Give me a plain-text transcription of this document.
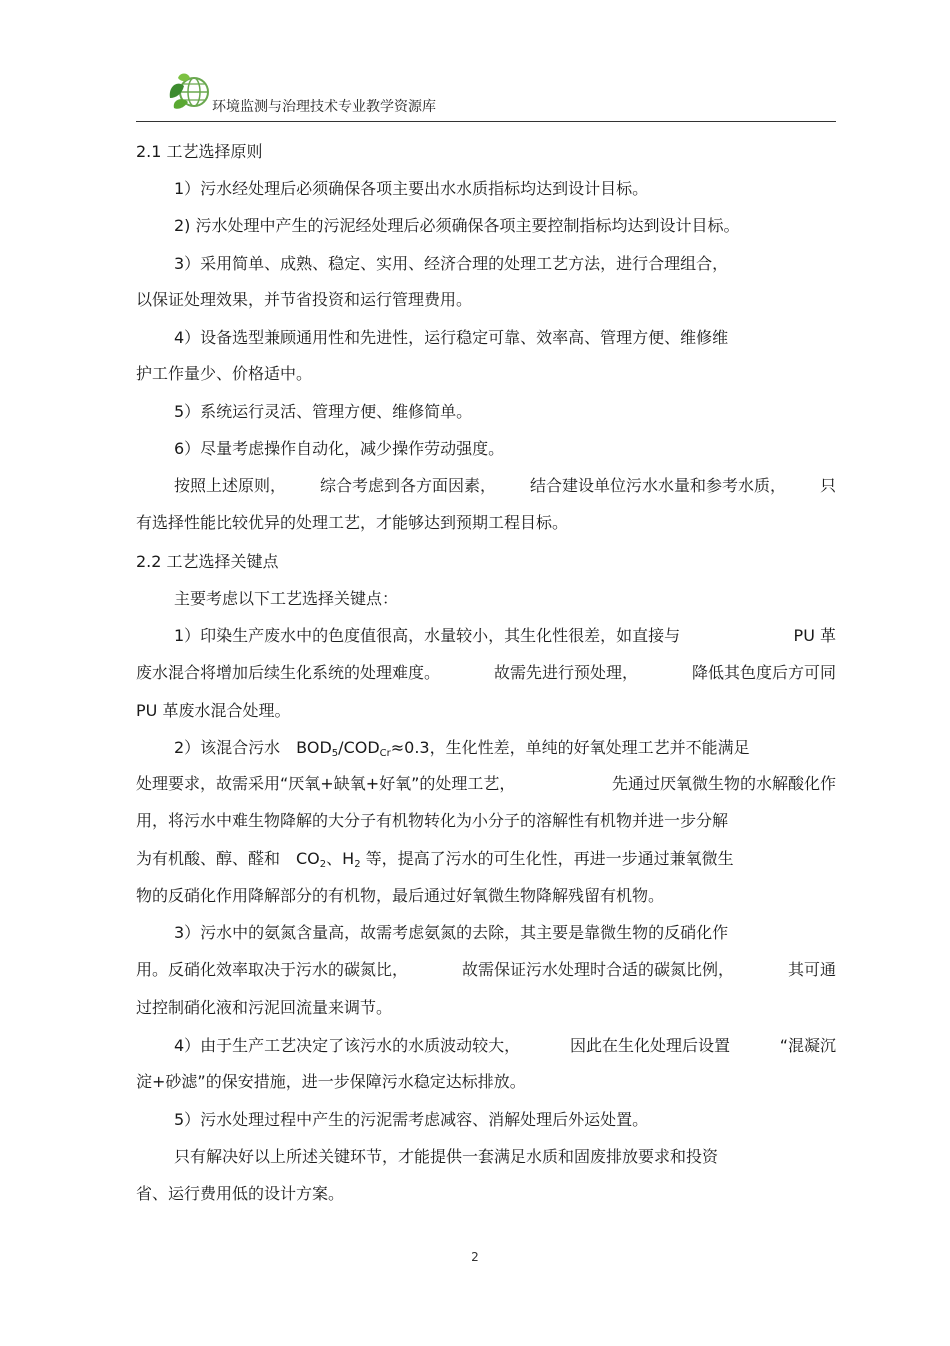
环境监测与治理技术专业教学资源库
2.1 工艺选择原则
1）污水经处理后必须确保各项主要出水水质指标均达到设计目标。
2) 污水处理中产生的污泥经处理后必须确保各项主要控制指标均达到设计目标。
3）采用简单、成熟、稳定、实用、经济合理的处理工艺方法，进行合理组合，
以保证处理效果，并节省投资和运行管理费用。
4）设备选型兼顾通用性和先进性，运行稳定可靠、效率高、管理方便、维修维
护工作量少、价格适中。
5）系统运行灵活、管理方便、维修简单。
6）尽量考虑操作自动化，减少操作劳动强度。
按照上述原则， 综合考虑到各方面因素， 结合建设单位污水水量和参考水质， 只
有选择性能比较优异的处理工艺，才能够达到预期工程目标。
2.2 工艺选择关键点
主要考虑以下工艺选择关键点：
1）印染生产废水中的色度值很高，水量较小，其生化性很差，如直接与	PU 革
废水混合将增加后续生化系统的处理难度。	故需先进行预处理，	降低其色度后方可同
PU 革废水混合处理。
2）该混合污水　$BOD_5/COD_{Cr}\approx 0.3$，生化性差，单纯的好氧处理工艺并不能满足
处理要求，故需采用“厌氧+缺氧+好氧”的处理工艺，	先通过厌氧微生物的水解酸化作
用，将污水中难生物降解的大分子有机物转化为小分子的溶解性有机物并进一步分解
为有机酸、醇、醛和　$CO_2$、$H_2$ 等，提高了污水的可生化性，再进一步通过兼氧微生
物的反硝化作用降解部分的有机物，最后通过好氧微生物降解残留有机物。
3）污水中的氨氮含量高，故需考虑氨氮的去除，其主要是靠微生物的反硝化作
用。反硝化效率取决于污水的碳氮比，	故需保证污水处理时合适的碳氮比例，	其可通
过控制硝化液和污泥回流量来调节。
4）由于生产工艺决定了该污水的水质波动较大，	因此在生化处理后设置	“混凝沉
淀+砂滤”的保安措施，进一步保障污水稳定达标排放。
5）污水处理过程中产生的污泥需考虑减容、消解处理后外运处置。
只有解决好以上所述关键环节，才能提供一套满足水质和固废排放要求和投资
省、运行费用低的设计方案。
2
